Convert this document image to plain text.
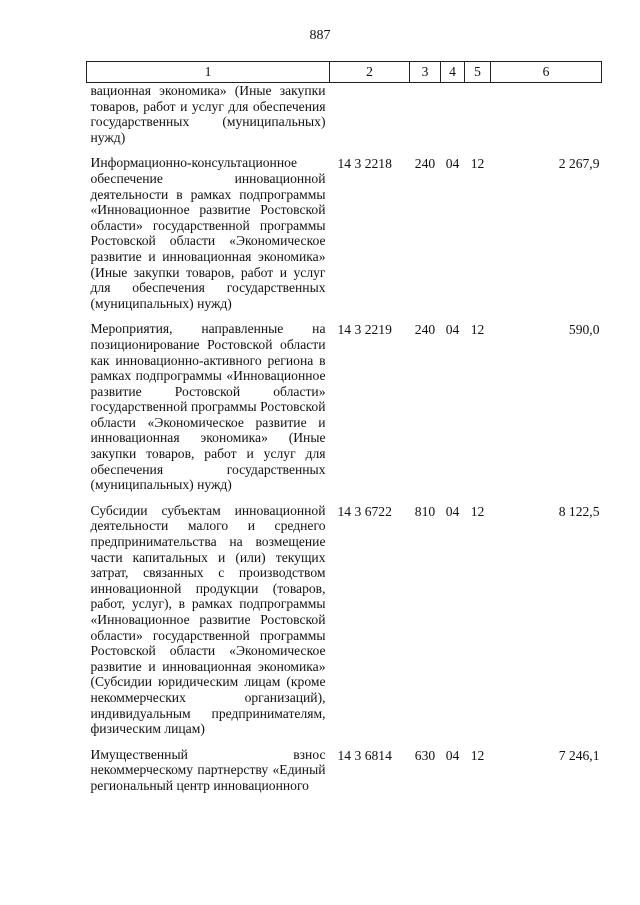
887
1	2	3	4	5	6
вационная экономика» (Иные закупки товаров, работ и услуг для обеспечения государственных (муниципальных) нужд)					
Информационно-консультационное обеспечение инновационной деятельности в рамках подпрограммы «Инновационное развитие Ростовской области» государственной программы Ростовской области «Экономическое развитие и инновационная экономика» (Иные закупки товаров, работ и услуг для обеспечения государственных (муниципальных) нужд)	14 3 2218	240	04	12	2 267,9
Мероприятия, направленные на позиционирование Ростовской области как инновационно-активного региона в рамках подпрограммы «Инновационное развитие Ростовской области» государственной программы Ростовской области «Экономическое развитие и инновационная экономика» (Иные закупки товаров, работ и услуг для обеспечения государственных (муниципальных) нужд)	14 3 2219	240	04	12	590,0
Субсидии субъектам инновационной деятельности малого и среднего предпринимательства на возмещение части капитальных и (или) текущих затрат, связанных с производством инновационной продукции (товаров, работ, услуг), в рамках подпрограммы «Инновационное развитие Ростовской области» государственной программы Ростовской области «Экономическое развитие и инновационная экономика» (Субсидии юридическим лицам (кроме некоммерческих организаций), индивидуальным предпринимателям, физическим лицам)	14 3 6722	810	04	12	8 122,5
Имущественный взнос некоммерческому партнерству «Единый региональный центр инновационного	14 3 6814	630	04	12	7 246,1
